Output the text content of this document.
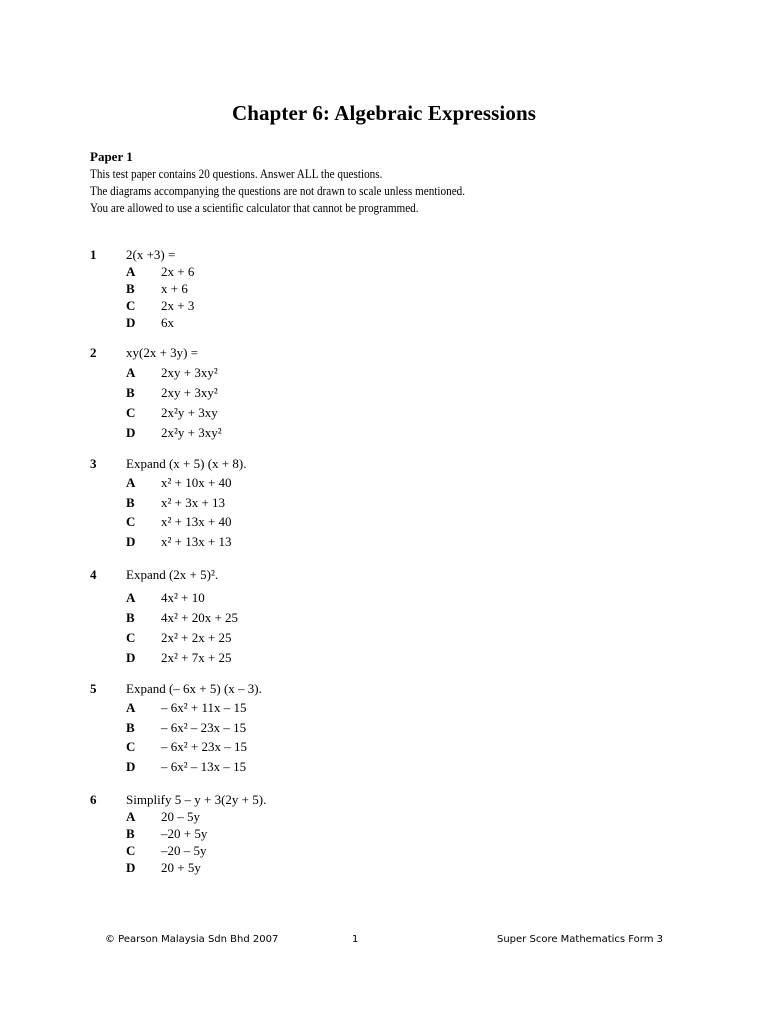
Chapter 6: Algebraic Expressions
Paper 1
This test paper contains 20 questions. Answer ALL the questions.
The diagrams accompanying the questions are not drawn to scale unless mentioned.
You are allowed to use a scientific calculator that cannot be programmed.
1 2(x +3) =
A 2x + 6
B x + 6
C 2x + 3
D 6x
2 xy(2x + 3y) =
A 2xy + 3xy²
B 2xy + 3xy²
C 2x²y + 3xy
D 2x²y + 3xy²
3 Expand (x + 5) (x + 8).
A x² + 10x + 40
B x² + 3x + 13
C x² + 13x + 40
D x² + 13x + 13
4 Expand (2x + 5)².
A 4x² + 10
B 4x² + 20x + 25
C 2x² + 2x + 25
D 2x² + 7x + 25
5 Expand (– 6x + 5) (x – 3).
A – 6x² + 11x – 15
B – 6x² – 23x – 15
C – 6x² + 23x – 15
D – 6x² – 13x – 15
6 Simplify 5 – y + 3(2y + 5).
A 20 – 5y
B –20 + 5y
C –20 – 5y
D 20 + 5y
© Pearson Malaysia Sdn Bhd 2007	1	Super Score Mathematics Form 3
